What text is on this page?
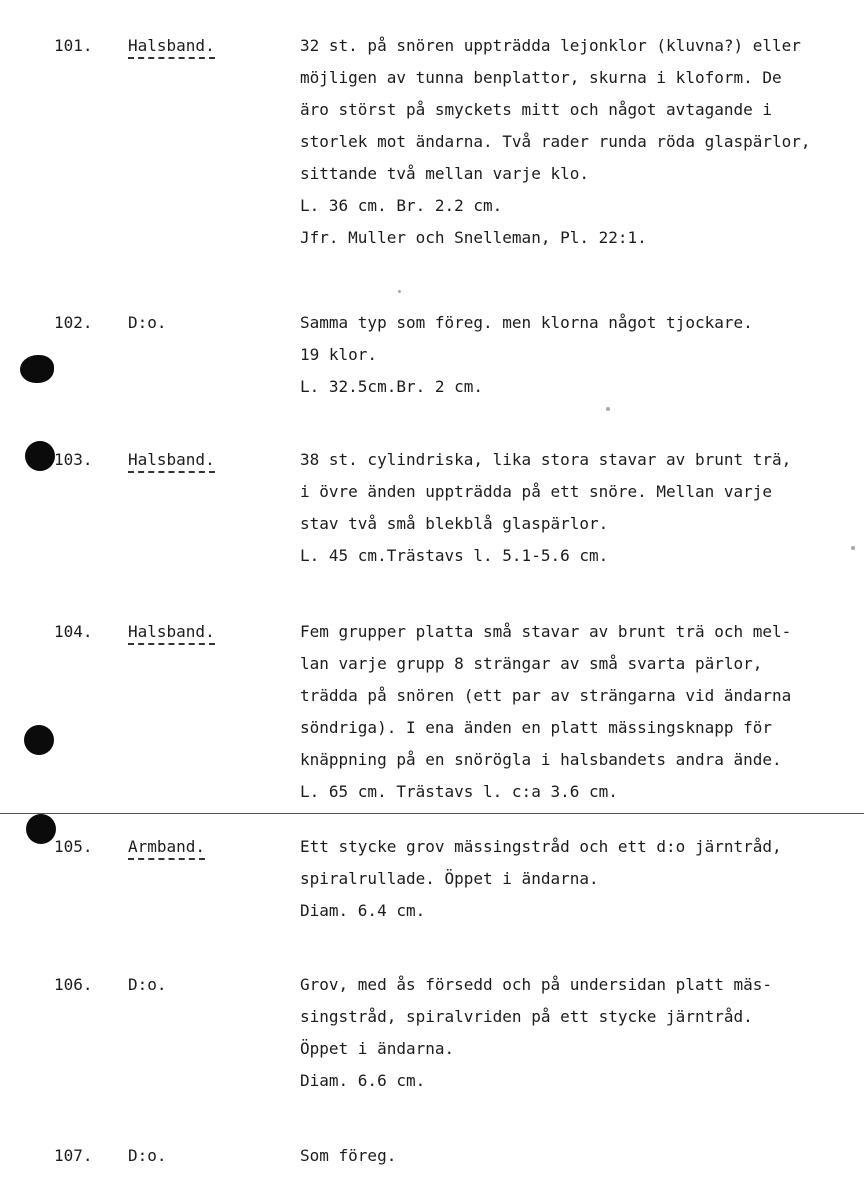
101. Halsband.	32 st. på snören uppträdda lejonklor (kluvna?) eller
möjligen av tunna benplattor, skurna i kloform. De
äro störst på smyckets mitt och något avtagande i
storlek mot ändarna. Två rader runda röda glaspärlor,
sittande två mellan varje klo.
L. 36 cm. Br. 2.2 cm.
Jfr. Muller och Snelleman, Pl. 22:1.
102. D:o.	Samma typ som föreg. men klorna något tjockare.
19 klor.
L. 32.5cm.Br. 2 cm.
103. Halsband.	38 st. cylindriska, lika stora stavar av brunt trä,
i övre änden uppträdda på ett snöre. Mellan varje
stav två små blekblå glaspärlor.
L. 45 cm.Trästavs l. 5.1-5.6 cm.
104. Halsband.	Fem grupper platta små stavar av brunt trä och mel-
lan varje grupp 8 strängar av små svarta pärlor,
trädda på snören (ett par av strängarna vid ändarna
söndriga). I ena änden en platt mässingsknapp för
knäppning på en snörögla i halsbandets andra ände.
L. 65 cm. Trästavs l. c:a 3.6 cm.
105. Armband.	Ett stycke grov mässingstråd och ett d:o järntråd,
spiralrullade. Öppet i ändarna.
Diam. 6.4 cm.
106. D:o.	Grov, med ås försedd och på undersidan platt mäs-
singstråd, spiralvriden på ett stycke järntråd.
Öppet i ändarna.
Diam. 6.6 cm.
107. D:o.	Som föreg.
